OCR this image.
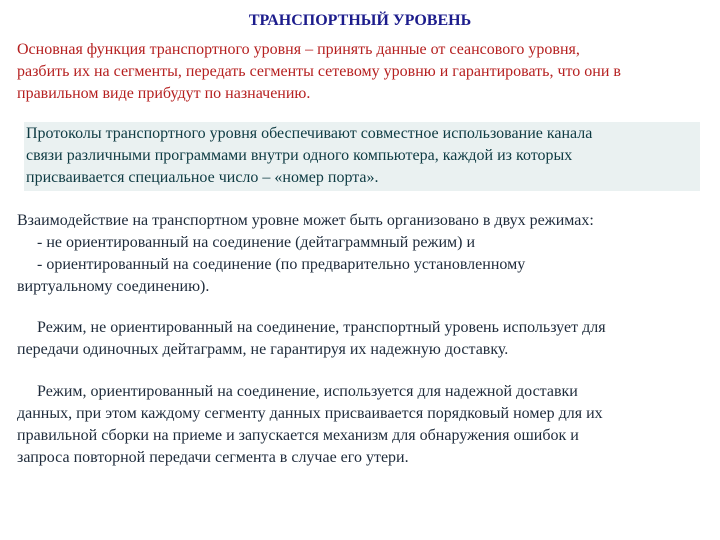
ТРАНСПОРТНЫЙ УРОВЕНЬ

Основная функция транспортного уровня – принять данные от сеансового уровня,
разбить их на сегменты, передать сегменты сетевому уровню и гарантировать, что они в
правильном виде прибудут по назначению.

Протоколы транспортного уровня обеспечивают совместное использование канала
связи различными программами внутри одного компьютера, каждой из которых
присваивается специальное число – «номер порта».

Взаимодействие на транспортном уровне может быть организовано в двух режимах:
- не ориентированный на соединение (дейтаграммный режим) и
- ориентированный на соединение (по предварительно установленному
виртуальному соединению).

Режим, не ориентированный на соединение, транспортный уровень использует для
передачи одиночных дейтаграмм, не гарантируя их надежную доставку.

Режим, ориентированный на соединение, используется для надежной доставки
данных, при этом каждому сегменту данных присваивается порядковый номер для их
правильной сборки на приеме и запускается механизм для обнаружения ошибок и
запроса повторной передачи сегмента в случае его утери.
